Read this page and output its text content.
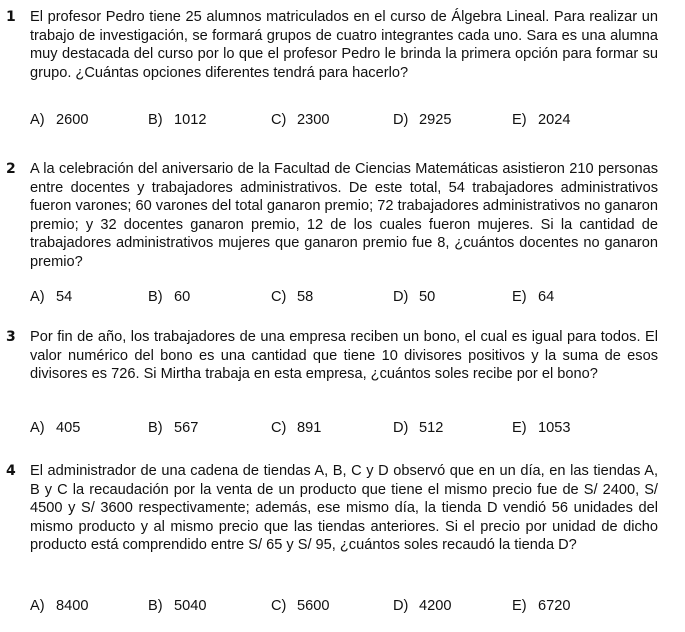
1 El profesor Pedro tiene 25 alumnos matriculados en el curso de Álgebra Lineal. Para realizar un trabajo de investigación, se formará grupos de cuatro integrantes cada uno. Sara es una alumna muy destacada del curso por lo que el profesor Pedro le brinda la primera opción para formar su grupo. ¿Cuántas opciones diferentes tendrá para hacerlo?
A) 2600	B) 1012	C) 2300	D) 2925	E) 2024
2 A la celebración del aniversario de la Facultad de Ciencias Matemáticas asistieron 210 personas entre docentes y trabajadores administrativos. De este total, 54 trabajadores administrativos fueron varones; 60 varones del total ganaron premio; 72 trabajadores administrativos no ganaron premio; y 32 docentes ganaron premio, 12 de los cuales fueron mujeres. Si la cantidad de trabajadores administrativos mujeres que ganaron premio fue 8, ¿cuántos docentes no ganaron premio?
A) 54	B) 60	C) 58	D) 50	E) 64
3 Por fin de año, los trabajadores de una empresa reciben un bono, el cual es igual para todos. El valor numérico del bono es una cantidad que tiene 10 divisores positivos y la suma de esos divisores es 726. Si Mirtha trabaja en esta empresa, ¿cuántos soles recibe por el bono?
A) 405	B) 567	C) 891	D) 512	E) 1053
4 El administrador de una cadena de tiendas A, B, C y D observó que en un día, en las tiendas A, B y C la recaudación por la venta de un producto que tiene el mismo precio fue de S/ 2400, S/ 4500 y S/ 3600 respectivamente; además, ese mismo día, la tienda D vendió 56 unidades del mismo producto y al mismo precio que las tiendas anteriores. Si el precio por unidad de dicho producto está comprendido entre S/ 65 y S/ 95, ¿cuántos soles recaudó la tienda D?
A) 8400	B) 5040	C) 5600	D) 4200	E) 6720
